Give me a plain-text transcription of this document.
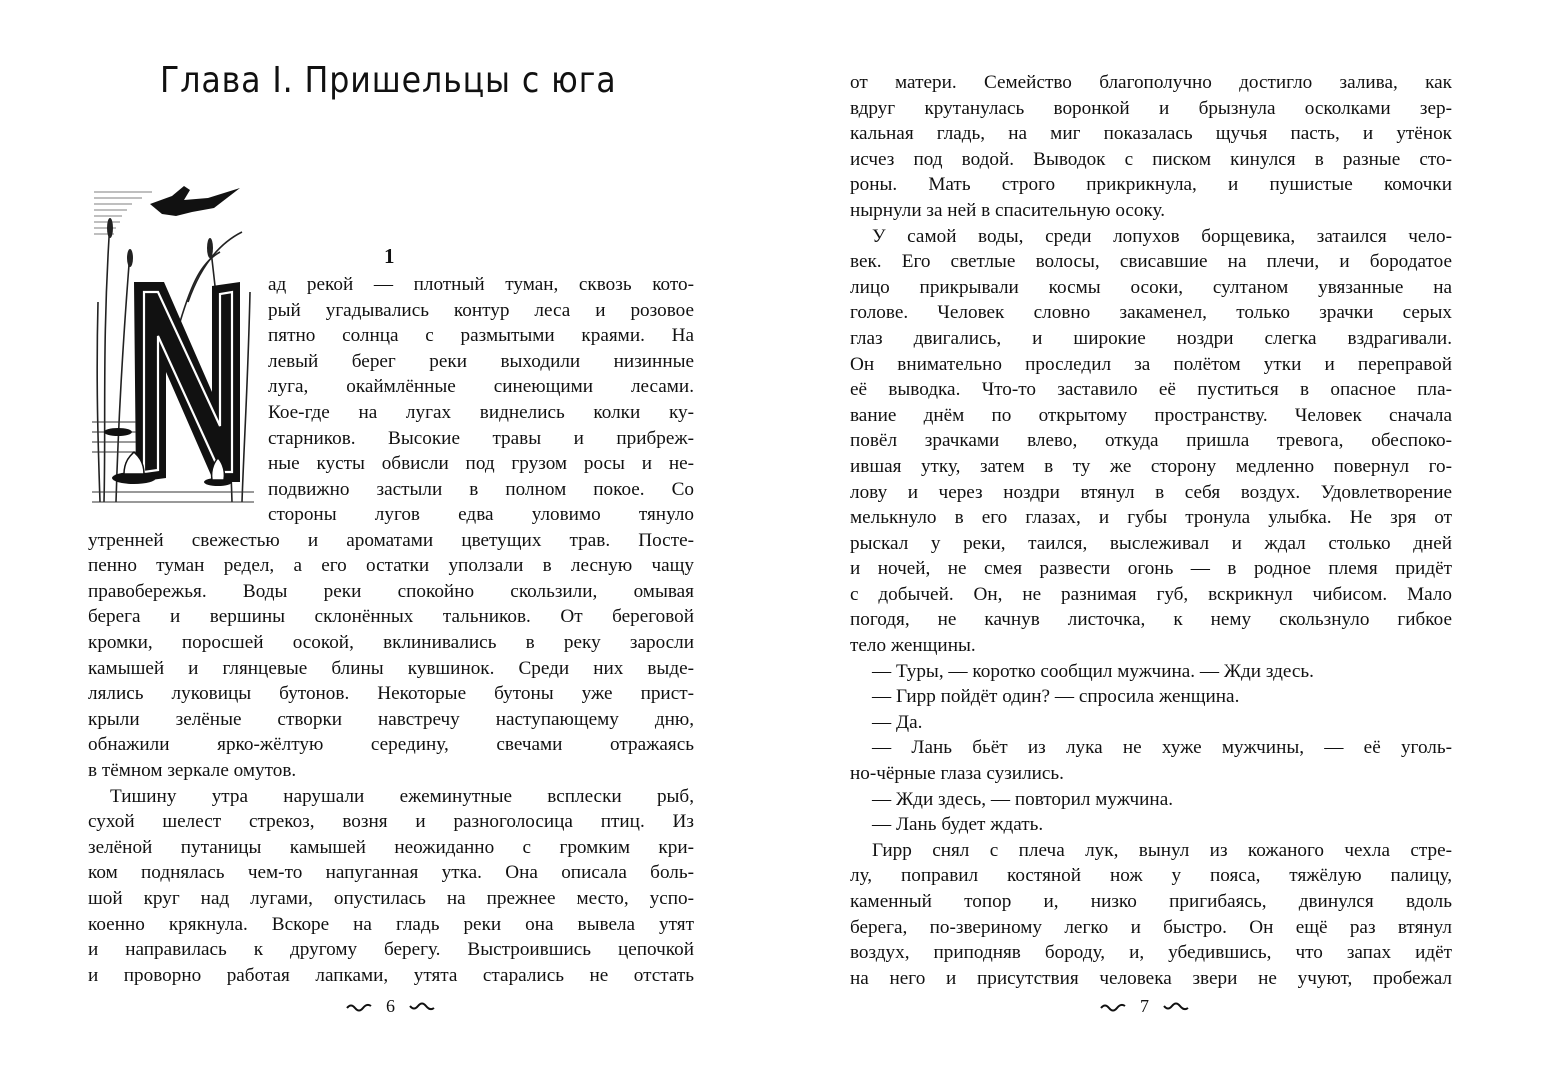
Глава I. Пришельцы с юга
1
ад рекой — плотный туман, сквозь кото-
рый угадывались контур леса и розовое
пятно солнца с размытыми краями. На
левый берег реки выходили низинные
луга, окаймлённые синеющими лесами.
Кое-где на лугах виднелись колки ку-
старников. Высокие травы и прибреж-
ные кусты обвисли под грузом росы и не-
подвижно застыли в полном покое. Со
стороны лугов едва уловимо тянуло
утренней свежестью и ароматами цветущих трав. Посте-
пенно туман редел, а его остатки уползали в лесную чащу
правобережья. Воды реки спокойно скользили, омывая
берега и вершины склонённых тальников. От береговой
кромки, поросшей осокой, вклинивались в реку заросли
камышей и глянцевые блины кувшинок. Среди них выде-
лялись луковицы бутонов. Некоторые бутоны уже прист-
крыли зелёные створки навстречу наступающему дню,
обнажили ярко-жёлтую середину, свечами отражаясь
в тёмном зеркале омутов.
Тишину утра нарушали ежеминутные всплески рыб,
сухой шелест стрекоз, возня и разноголосица птиц. Из
зелёной путаницы камышей неожиданно с громким кри-
ком поднялась чем-то напуганная утка. Она описала боль-
шой круг над лугами, опустилась на прежнее место, успо-
коенно крякнула. Вскоре на гладь реки она вывела утят
и направилась к другому берегу. Выстроившись цепочкой
и проворно работая лапками, утята старались не отстать
6
от матери. Семейство благополучно достигло залива, как
вдруг крутанулась воронкой и брызнула осколками зер-
кальная гладь, на миг показалась щучья пасть, и утёнок
исчез под водой. Выводок с писком кинулся в разные сто-
роны. Мать строго прикрикнула, и пушистые комочки
нырнули за ней в спасительную осоку.
У самой воды, среди лопухов борщевика, затаился чело-
век. Его светлые волосы, свисавшие на плечи, и бородатое
лицо прикрывали космы осоки, султаном увязанные на
голове. Человек словно закаменел, только зрачки серых
глаз двигались, и широкие ноздри слегка вздрагивали.
Он внимательно проследил за полётом утки и переправой
её выводка. Что-то заставило её пуститься в опасное пла-
вание днём по открытому пространству. Человек сначала
повёл зрачками влево, откуда пришла тревога, обеспоко-
ившая утку, затем в ту же сторону медленно повернул го-
лову и через ноздри втянул в себя воздух. Удовлетворение
мелькнуло в его глазах, и губы тронула улыбка. Не зря от
рыскал у реки, таился, выслеживал и ждал столько дней
и ночей, не смея развести огонь — в родное племя придёт
с добычей. Он, не разнимая губ, вскрикнул чибисом. Мало
погодя, не качнув листочка, к нему скользнуло гибкое
тело женщины.
— Туры, — коротко сообщил мужчина. — Жди здесь.
— Гирр пойдёт один? — спросила женщина.
— Да.
— Лань бьёт из лука не хуже мужчины, — её уголь-
но-чёрные глаза сузились.
— Жди здесь, — повторил мужчина.
— Лань будет ждать.
Гирр снял с плеча лук, вынул из кожаного чехла стре-
лу, поправил костяной нож у пояса, тяжёлую палицу,
каменный топор и, низко пригибаясь, двинулся вдоль
берега, по-звериному легко и быстро. Он ещё раз втянул
воздух, приподняв бороду, и, убедившись, что запах идёт
на него и присутствия человека звери не учуют, пробежал
7
